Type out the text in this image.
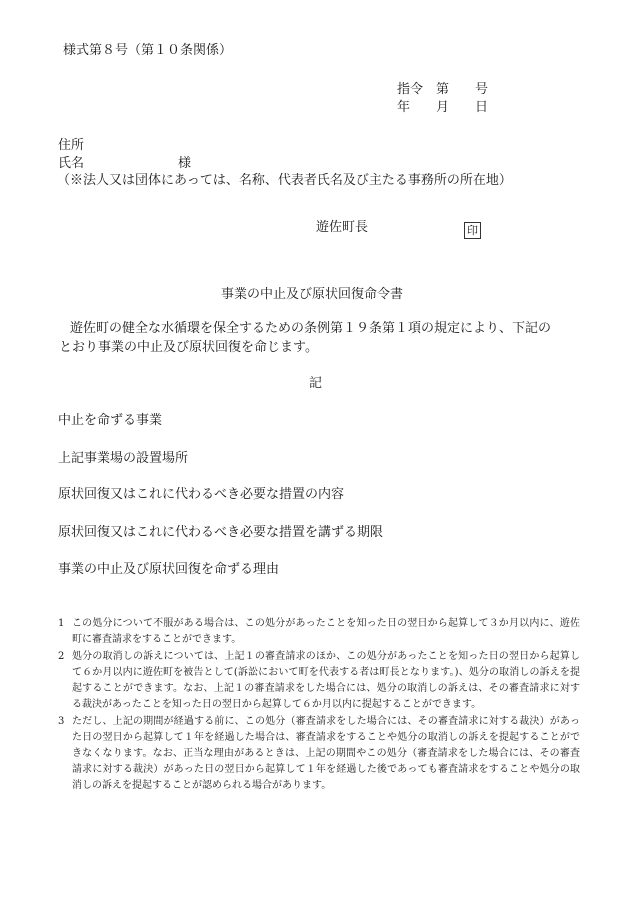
様式第８号（第１０条関係）
指令　第　　号
年　　月　　日
住所
氏名	様
（※法人又は団体にあっては、名称、代表者氏名及び主たる事務所の所在地）
遊佐町長	印
事業の中止及び原状回復命令書
遊佐町の健全な水循環を保全するための条例第１９条第１項の規定により、下記の
とおり事業の中止及び原状回復を命じます。
記
中止を命ずる事業
上記事業場の設置場所
原状回復又はこれに代わるべき必要な措置の内容
原状回復又はこれに代わるべき必要な措置を講ずる期限
事業の中止及び原状回復を命ずる理由
1 この処分について不服がある場合は、この処分があったことを知った日の翌日から起算して３か月以内に、遊佐町に審査請求をすることができます。
2 処分の取消しの訴えについては、上記１の審査請求のほか、この処分があったことを知った日の翌日から起算して６か月以内に遊佐町を被告として(訴訟において町を代表する者は町長となります。)、処分の取消しの訴えを提起することができます。なお、上記１の審査請求をした場合には、処分の取消しの訴えは、その審査請求に対する裁決があったことを知った日の翌日から起算して６か月以内に提起することができます。
3 ただし、上記の期間が経過する前に、この処分（審査請求をした場合には、その審査請求に対する裁決）があった日の翌日から起算して１年を経過した場合は、審査請求をすることや処分の取消しの訴えを提起することができなくなります。なお、正当な理由があるときは、上記の期間やこの処分（審査請求をした場合には、その審査請求に対する裁決）があった日の翌日から起算して１年を経過した後であっても審査請求をすることや処分の取消しの訴えを提起することが認められる場合があります。
